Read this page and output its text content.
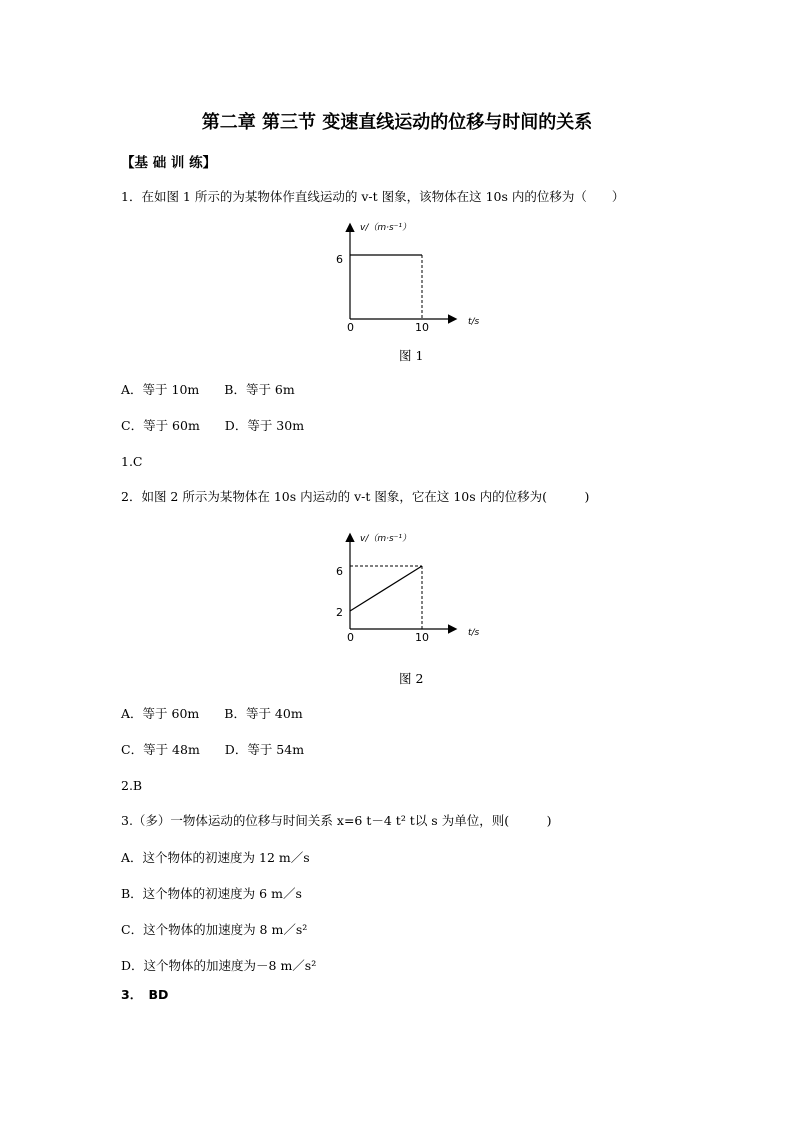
第二章 第三节 变速直线运动的位移与时间的关系
【基 础 训 练】
1．在如图 1 所示的为某物体作直线运动的 v-t 图象，该物体在这 10s 内的位移为（　　）
v/（m·s⁻¹）
6
0	10	t/s
图 1
A．等于 10m　　B．等于 6m
C．等于 60m　　D．等于 30m
1.C
2．如图 2 所示为某物体在 10s 内运动的 v-t 图象，它在这 10s 内的位移为(　　　)
v/（m·s⁻¹）
6
2
0	10	t/s
图 2
A．等于 60m　　B．等于 40m
C．等于 48m　　D．等于 54m
2.B
3.（多）一物体运动的位移与时间关系 x=6 t－4 t² t以 s 为单位，则(　　　)
A．这个物体的初速度为 12 m／s
B．这个物体的初速度为 6 m／s
C．这个物体的加速度为 8 m／s²
D．这个物体的加速度为－8 m／s²
3．　BD
